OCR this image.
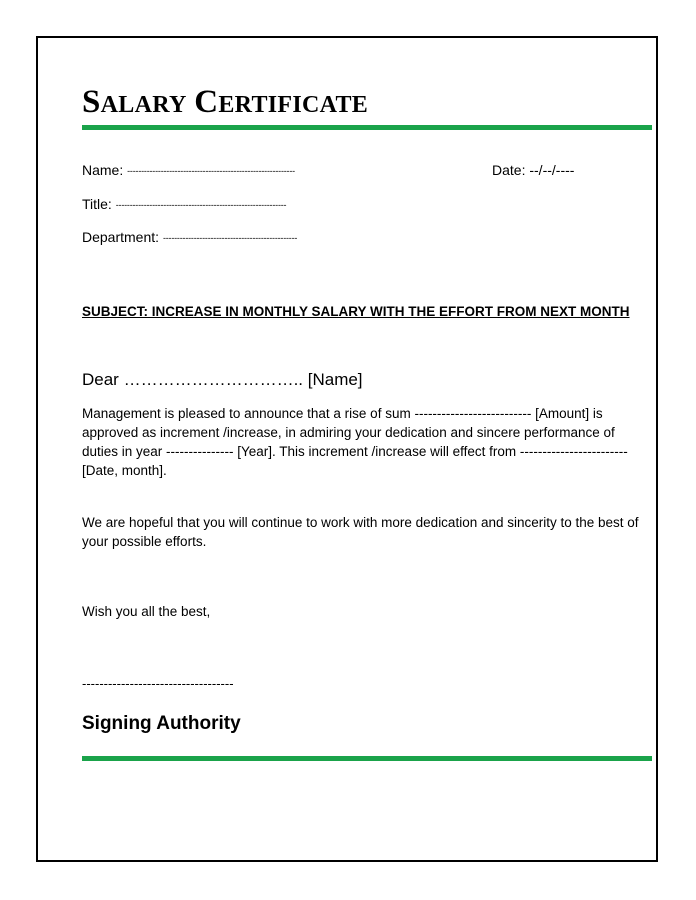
SALARY CERTIFICATE
Name: ------------------------------------------------------------	Date: --/--/----
Title: -------------------------------------------------------------
Department: ------------------------------------------------
SUBJECT: INCREASE IN MONTHLY SALARY WITH THE EFFORT FROM NEXT MONTH
Dear ………………………….. [Name]
Management is pleased to announce that a rise of sum -------------------------- [Amount] is approved as increment /increase, in admiring your dedication and sincere performance of duties in year --------------- [Year]. This increment /increase will effect from ------------------------ [Date, month].
We are hopeful that you will continue to work with more dedication and sincerity to the best of your possible efforts.
Wish you all the best,
-----------------------------------
Signing Authority
